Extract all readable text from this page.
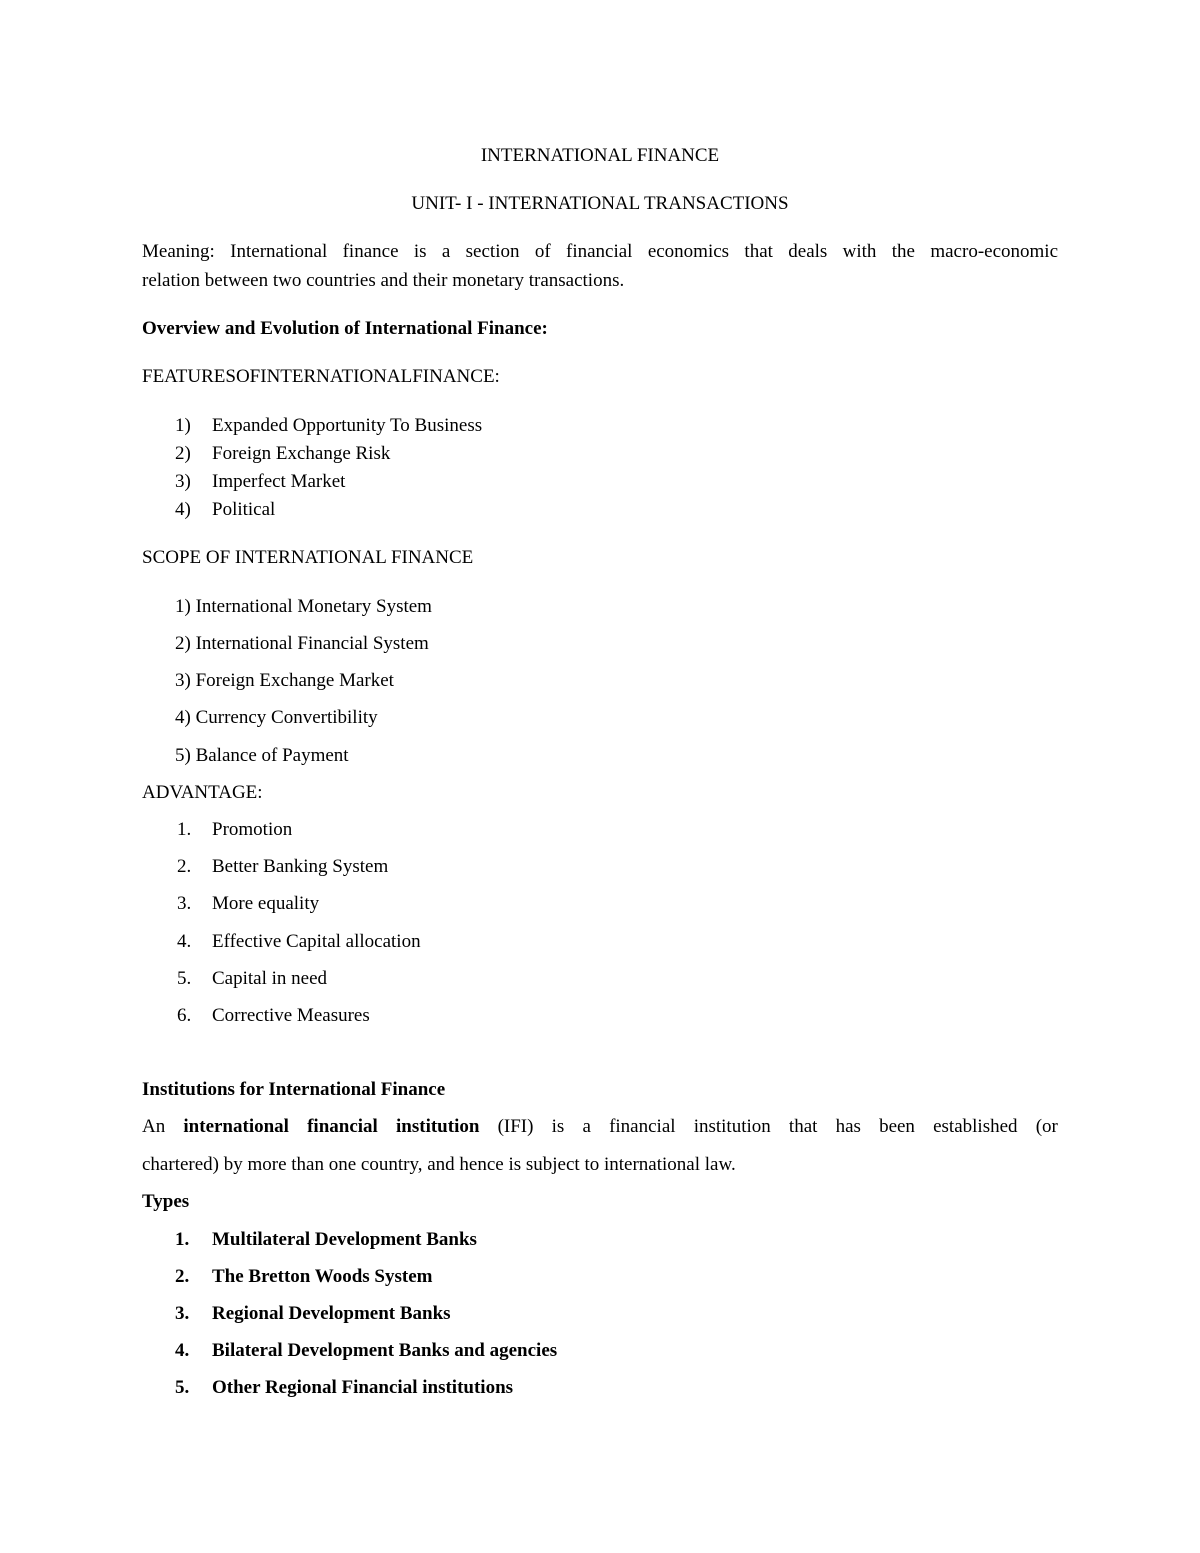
INTERNATIONAL FINANCE
UNIT- I - INTERNATIONAL TRANSACTIONS
Meaning: International finance is a section of financial economics that deals with the macro-economic
relation between two countries and their monetary transactions.
Overview and Evolution of International Finance:
FEATURESOFINTERNATIONALFINANCE:
1) Expanded Opportunity To Business
2) Foreign Exchange Risk
3) Imperfect Market
4) Political
SCOPE OF INTERNATIONAL FINANCE
1) International Monetary System
2) International Financial System
3) Foreign Exchange Market
4) Currency Convertibility
5) Balance of Payment
ADVANTAGE:
1. Promotion
2. Better Banking System
3. More equality
4. Effective Capital allocation
5. Capital in need
6. Corrective Measures
Institutions for International Finance
An international financial institution (IFI) is a financial institution that has been established (or
chartered) by more than one country, and hence is subject to international law.
Types
1. Multilateral Development Banks
2. The Bretton Woods System
3. Regional Development Banks
4. Bilateral Development Banks and agencies
5. Other Regional Financial institutions
